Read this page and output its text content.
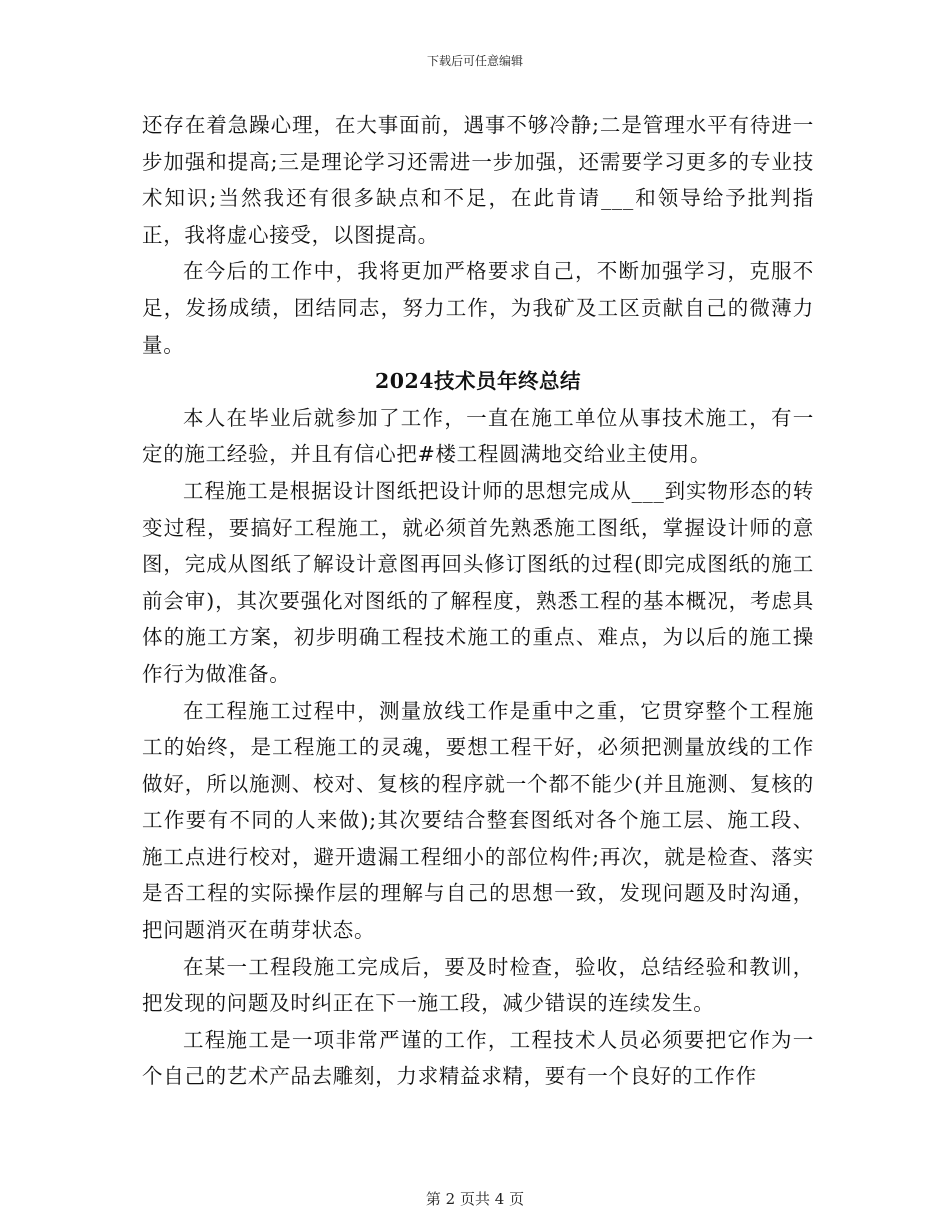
下载后可任意编辑

还存在着急躁心理，在大事面前，遇事不够冷静;二是管理水平有待进一步加强和提高;三是理论学习还需进一步加强，还需要学习更多的专业技术知识;当然我还有很多缺点和不足，在此肯请___和领导给予批判指正，我将虚心接受，以图提高。

在今后的工作中，我将更加严格要求自己，不断加强学习，克服不足，发扬成绩，团结同志，努力工作，为我矿及工区贡献自己的微薄力量。

2024技术员年终总结

本人在毕业后就参加了工作，一直在施工单位从事技术施工，有一定的施工经验，并且有信心把#楼工程圆满地交给业主使用。

工程施工是根据设计图纸把设计师的思想完成从___到实物形态的转变过程，要搞好工程施工，就必须首先熟悉施工图纸，掌握设计师的意图，完成从图纸了解设计意图再回头修订图纸的过程(即完成图纸的施工前会审)，其次要强化对图纸的了解程度，熟悉工程的基本概况，考虑具体的施工方案，初步明确工程技术施工的重点、难点，为以后的施工操作行为做准备。

在工程施工过程中，测量放线工作是重中之重，它贯穿整个工程施工的始终，是工程施工的灵魂，要想工程干好，必须把测量放线的工作做好，所以施测、校对、复核的程序就一个都不能少(并且施测、复核的工作要有不同的人来做);其次要结合整套图纸对各个施工层、施工段、施工点进行校对，避开遗漏工程细小的部位构件;再次，就是检查、落实是否工程的实际操作层的理解与自己的思想一致，发现问题及时沟通，把问题消灭在萌芽状态。

在某一工程段施工完成后，要及时检查，验收，总结经验和教训，把发现的问题及时纠正在下一施工段，减少错误的连续发生。

工程施工是一项非常严谨的工作，工程技术人员必须要把它作为一个自己的艺术产品去雕刻，力求精益求精，要有一个良好的工作作

第 2 页共 4 页
